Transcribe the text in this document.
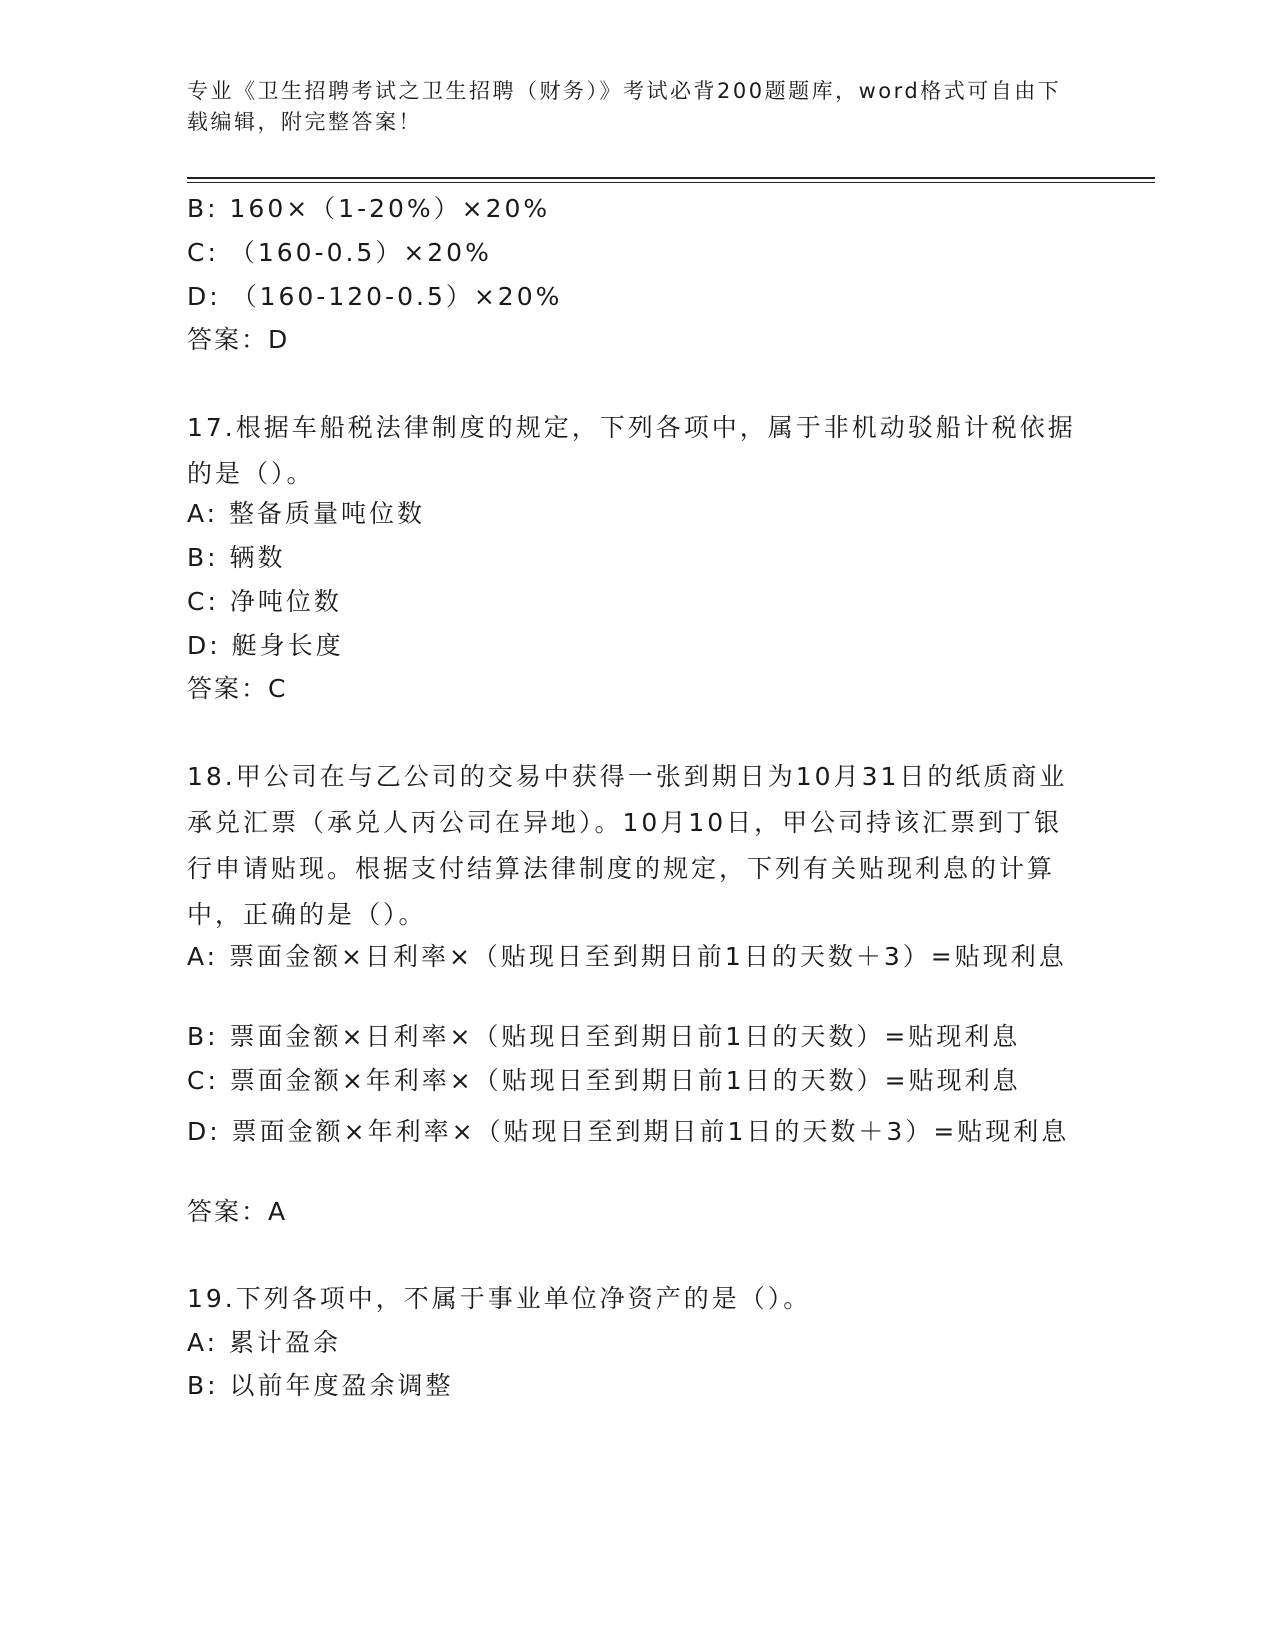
专业《卫生招聘考试之卫生招聘（财务）》考试必背200题题库，word格式可自由下载编辑，附完整答案！
B: 160×（1-20%）×20%
C: （160-0.5）×20%
D: （160-120-0.5）×20%
答案：D
17.根据车船税法律制度的规定，下列各项中，属于非机动驳船计税依据的是（）。
A: 整备质量吨位数
B: 辆数
C: 净吨位数
D: 艇身长度
答案：C
18.甲公司在与乙公司的交易中获得一张到期日为10月31日的纸质商业承兑汇票（承兑人丙公司在异地）。10月10日，甲公司持该汇票到丁银行申请贴现。根据支付结算法律制度的规定，下列有关贴现利息的计算中，正确的是（）。
A: 票面金额×日利率×（贴现日至到期日前1日的天数＋3）=贴现利息
B: 票面金额×日利率×（贴现日至到期日前1日的天数）=贴现利息
C: 票面金额×年利率×（贴现日至到期日前1日的天数）=贴现利息
D: 票面金额×年利率×（贴现日至到期日前1日的天数＋3）=贴现利息
答案：A
19.下列各项中，不属于事业单位净资产的是（）。
A: 累计盈余
B: 以前年度盈余调整
